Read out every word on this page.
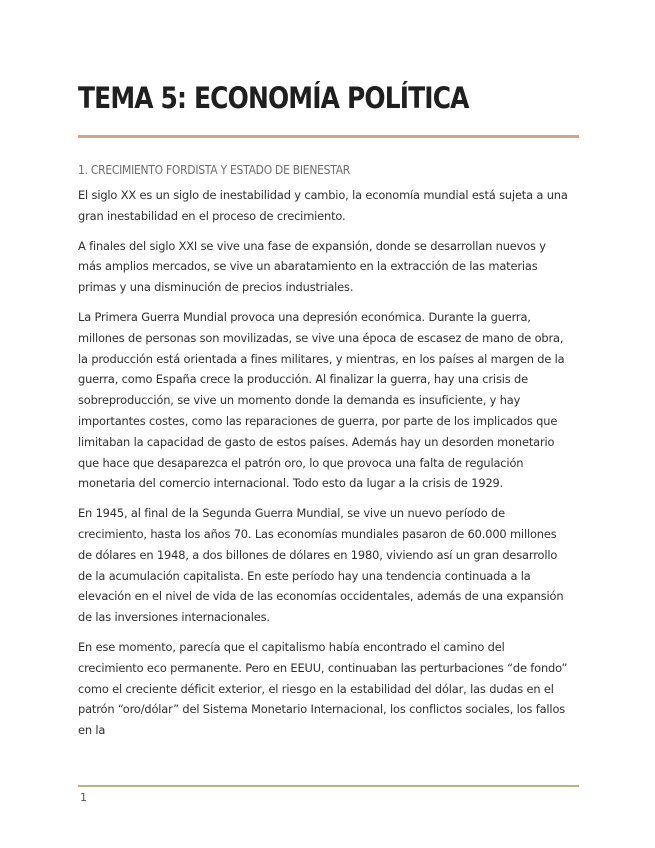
TEMA 5: ECONOMÍA POLÍTICA
1. CRECIMIENTO FORDISTA Y ESTADO DE BIENESTAR

El siglo XX es un siglo de inestabilidad y cambio, la economía mundial está sujeta a una gran inestabilidad en el proceso de crecimiento.

A finales del siglo XXI se vive una fase de expansión, donde se desarrollan nuevos y más amplios mercados, se vive un abaratamiento en la extracción de las materias primas y una disminución de precios industriales.

La Primera Guerra Mundial provoca una depresión económica. Durante la guerra, millones de personas son movilizadas, se vive una época de escasez de mano de obra, la producción está orientada a fines militares, y mientras, en los países al margen de la guerra, como España crece la producción. Al finalizar la guerra, hay una crisis de sobreproducción, se vive un momento donde la demanda es insuficiente, y hay importantes costes, como las reparaciones de guerra, por parte de los implicados que limitaban la capacidad de gasto de estos países. Además hay un desorden monetario que hace que desaparezca el patrón oro, lo que provoca una falta de regulación monetaria del comercio internacional. Todo esto da lugar a la crisis de 1929.

En 1945, al final de la Segunda Guerra Mundial, se vive un nuevo período de crecimiento, hasta los años 70. Las economías mundiales pasaron de 60.000 millones de dólares en 1948, a dos billones de dólares en 1980, viviendo así un gran desarrollo de la acumulación capitalista. En este período hay una tendencia continuada a la elevación en el nivel de vida de las economías occidentales, además de una expansión de las inversiones internacionales.

En ese momento, parecía que el capitalismo había encontrado el camino del crecimiento eco permanente. Pero en EEUU, continuaban las perturbaciones “de fondo” como el creciente déficit exterior, el riesgo en la estabilidad del dólar, las dudas en el patrón “oro/dólar” del Sistema Monetario Internacional, los conflictos sociales, los fallos en la

1
